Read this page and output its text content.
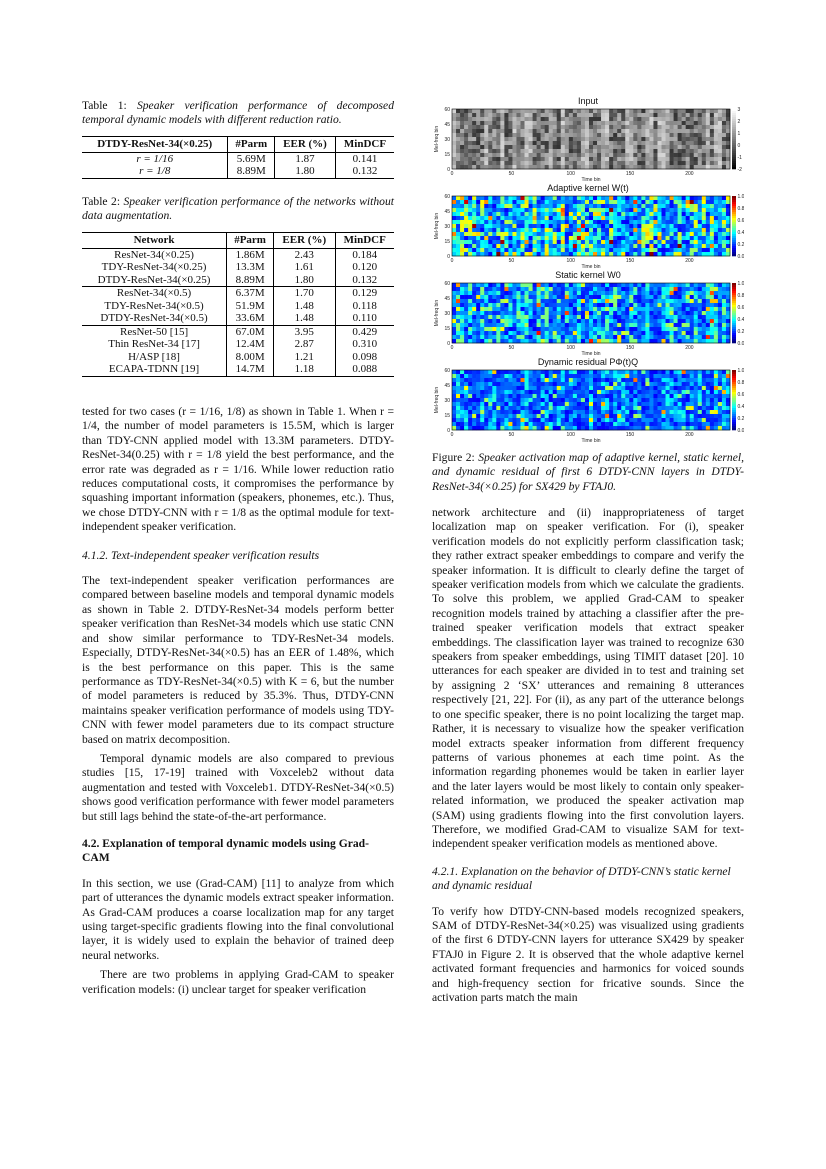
Table 1: Speaker verification performance of decomposed temporal dynamic models with different reduction ratio.

DTDY-ResNet-34(×0.25)	#Parm	EER (%)	MinDCF
r = 1/16	5.69M	1.87	0.141
r = 1/8	8.89M	1.80	0.132

Table 2: Speaker verification performance of the networks without data augmentation.

Network	#Parm	EER (%)	MinDCF
ResNet-34(×0.25)	1.86M	2.43	0.184
TDY-ResNet-34(×0.25)	13.3M	1.61	0.120
DTDY-ResNet-34(×0.25)	8.89M	1.80	0.132
ResNet-34(×0.5)	6.37M	1.70	0.129
TDY-ResNet-34(×0.5)	51.9M	1.48	0.118
DTDY-ResNet-34(×0.5)	33.6M	1.48	0.110
ResNet-50 [15]	67.0M	3.95	0.429
Thin ResNet-34 [17]	12.4M	2.87	0.310
H/ASP [18]	8.00M	1.21	0.098
ECAPA-TDNN [19]	14.7M	1.18	0.088

tested for two cases (r = 1/16, 1/8) as shown in Table 1. When r = 1/4, the number of model parameters is 15.5M, which is larger than TDY-CNN applied model with 13.3M parameters. DTDY-ResNet-34(0.25) with r = 1/8 yield the best performance, and the error rate was degraded as r = 1/16. While lower reduction ratio reduces computational costs, it compromises the performance by squashing important information (speakers, phonemes, etc.). Thus, we chose DTDY-CNN with r = 1/8 as the optimal module for text-independent speaker verification.

4.1.2. Text-independent speaker verification results

The text-independent speaker verification performances are compared between baseline models and temporal dynamic models as shown in Table 2. DTDY-ResNet-34 models perform better speaker verification than ResNet-34 models which use static CNN and show similar performance to TDY-ResNet-34 models. Especially, DTDY-ResNet-34(×0.5) has an EER of 1.48%, which is the best performance on this paper. This is the same performance as TDY-ResNet-34(×0.5) with K = 6, but the number of model parameters is reduced by 35.3%. Thus, DTDY-CNN maintains speaker verification performance of models using TDY-CNN with fewer model parameters due to its compact structure based on matrix decomposition.

Temporal dynamic models are also compared to previous studies [15, 17-19] trained with Voxceleb2 without data augmentation and tested with Voxceleb1. DTDY-ResNet-34(×0.5) shows good verification performance with fewer model parameters but still lags behind the state-of-the-art performance.

4.2. Explanation of temporal dynamic models using Grad-CAM

In this section, we use (Grad-CAM) [11] to analyze from which part of utterances the dynamic models extract speaker information. As Grad-CAM produces a coarse localization map for any target using target-specific gradients flowing into the final convolutional layer, it is widely used to explain the behavior of trained deep neural networks.

There are two problems in applying Grad-CAM to speaker verification models: (i) unclear target for speaker verification

Input
60
45
30
15
0
Mel-freq bin
0	50	100	150	200
Time bin
3
2
1
0
-1
-2
Adaptive kernel W(t)
60
45
30
15
0
Mel-freq bin
0	50	100	150	200
Time bin
1.0
0.8
0.6
0.4
0.2
0.0
Static kernel W0
60
45
30
15
0
Mel-freq bin
0	50	100	150	200
Time bin
1.0
0.8
0.6
0.4
0.2
0.0
Dynamic residual PΦ(t)Q
60
45
30
15
0
Mel-freq bin
0	50	100	150	200
Time bin
1.0
0.8
0.6
0.4
0.2
0.0

Figure 2: Speaker activation map of adaptive kernel, static kernel, and dynamic residual of first 6 DTDY-CNN layers in DTDY-ResNet-34(×0.25) for SX429 by FTAJ0.

network architecture and (ii) inappropriateness of target localization map on speaker verification. For (i), speaker verification models do not explicitly perform classification task; they rather extract speaker embeddings to compare and verify the speaker information. It is difficult to clearly define the target of speaker verification models from which we calculate the gradients. To solve this problem, we applied Grad-CAM to speaker recognition models trained by attaching a classifier after the pre-trained speaker verification models that extract speaker embeddings. The classification layer was trained to recognize 630 speakers from speaker embeddings, using TIMIT dataset [20]. 10 utterances for each speaker are divided in to test and training set by assigning 2 ‘SX’ utterances and remaining 8 utterances respectively [21, 22]. For (ii), as any part of the utterance belongs to one specific speaker, there is no point localizing the target map. Rather, it is necessary to visualize how the speaker verification model extracts speaker information from different frequency patterns of various phonemes at each time point. As the information regarding phonemes would be taken in earlier layer and the later layers would be most likely to contain only speaker-related information, we produced the speaker activation map (SAM) using gradients flowing into the first convolution layers. Therefore, we modified Grad-CAM to visualize SAM for text-independent speaker verification models as mentioned above.

4.2.1. Explanation on the behavior of DTDY-CNN’s static kernel and dynamic residual

To verify how DTDY-CNN-based models recognized speakers, SAM of DTDY-ResNet-34(×0.25) was visualized using gradients of the first 6 DTDY-CNN layers for utterance SX429 by speaker FTAJ0 in Figure 2. It is observed that the whole adaptive kernel activated formant frequencies and harmonics for voiced sounds and high-frequency section for fricative sounds. Since the activation parts match the main
